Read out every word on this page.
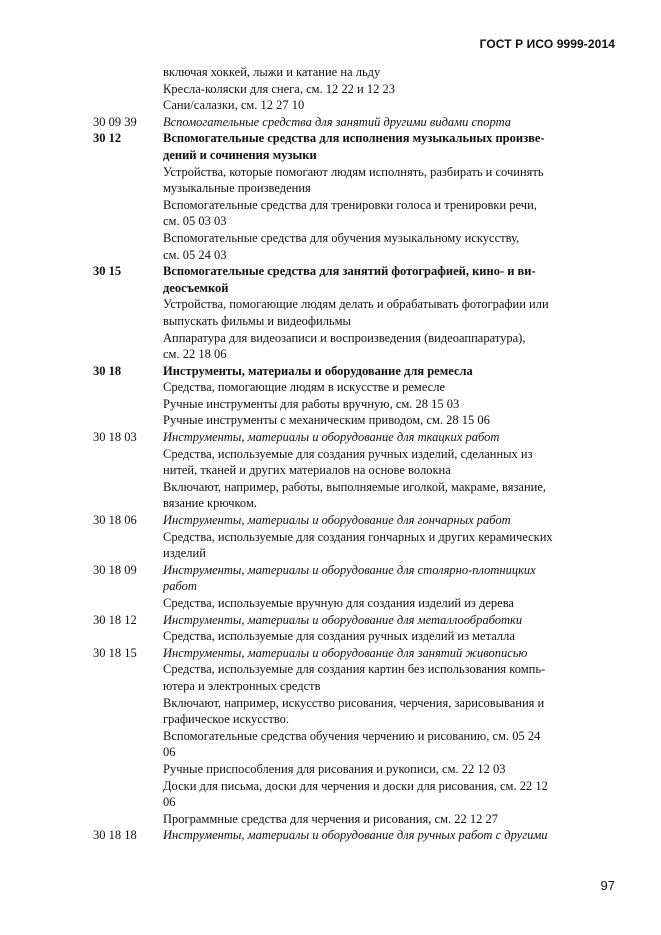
ГОСТ Р ИСО 9999-2014
включая хоккей, лыжи и катание на льду
Кресла-коляски для снега, см. 12 22 и 12 23
Сани/салазки, см. 12 27 10
30 09 39	Вспомогательные средства для занятий другими видами спорта
30 12	Вспомогательные средства для исполнения музыкальных произве-
дений и сочинения музыки
Устройства, которые помогают людям исполнять, разбирать и сочинять
музыкальные произведения
Вспомогательные средства для тренировки голоса и тренировки речи,
см. 05 03 03
Вспомогательные средства для обучения музыкальному искусству,
см. 05 24 03
30 15	Вспомогательные средства для занятий фотографией, кино- и ви-
деосъемкой
Устройства, помогающие людям делать и обрабатывать фотографии или
выпускать фильмы и видеофильмы
Аппаратура для видеозаписи и воспроизведения (видеоаппаратура),
см. 22 18 06
30 18	Инструменты, материалы и оборудование для ремесла
Средства, помогающие людям в искусстве и ремесле
Ручные инструменты для работы вручную, см. 28 15 03
Ручные инструменты с механическим приводом, см. 28 15 06
30 18 03	Инструменты, материалы и оборудование для ткацких работ
Средства, используемые для создания ручных изделий, сделанных из
нитей, тканей и других материалов на основе волокна
Включают, например, работы, выполняемые иголкой, макраме, вязание,
вязание крючком.
30 18 06	Инструменты, материалы и оборудование для гончарных работ
Средства, используемые для создания гончарных и других керамических
изделий
30 18 09	Инструменты, материалы и оборудование для столярно-плотницких
работ
Средства, используемые вручную для создания изделий из дерева
30 18 12	Инструменты, материалы и оборудование для металлообработки
Средства, используемые для создания ручных изделий из металла
30 18 15	Инструменты, материалы и оборудование для занятий живописью
Средства, используемые для создания картин без использования компь-
ютера и электронных средств
Включают, например, искусство рисования, черчения, зарисовывания и
графическое искусство.
Вспомогательные средства обучения черчению и рисованию, см. 05 24
06
Ручные приспособления для рисования и рукописи, см. 22 12 03
Доски для письма, доски для черчения и доски для рисования, см. 22 12
06
Программные средства для черчения и рисования, см. 22 12 27
30 18 18	Инструменты, материалы и оборудование для ручных работ с другими
97
